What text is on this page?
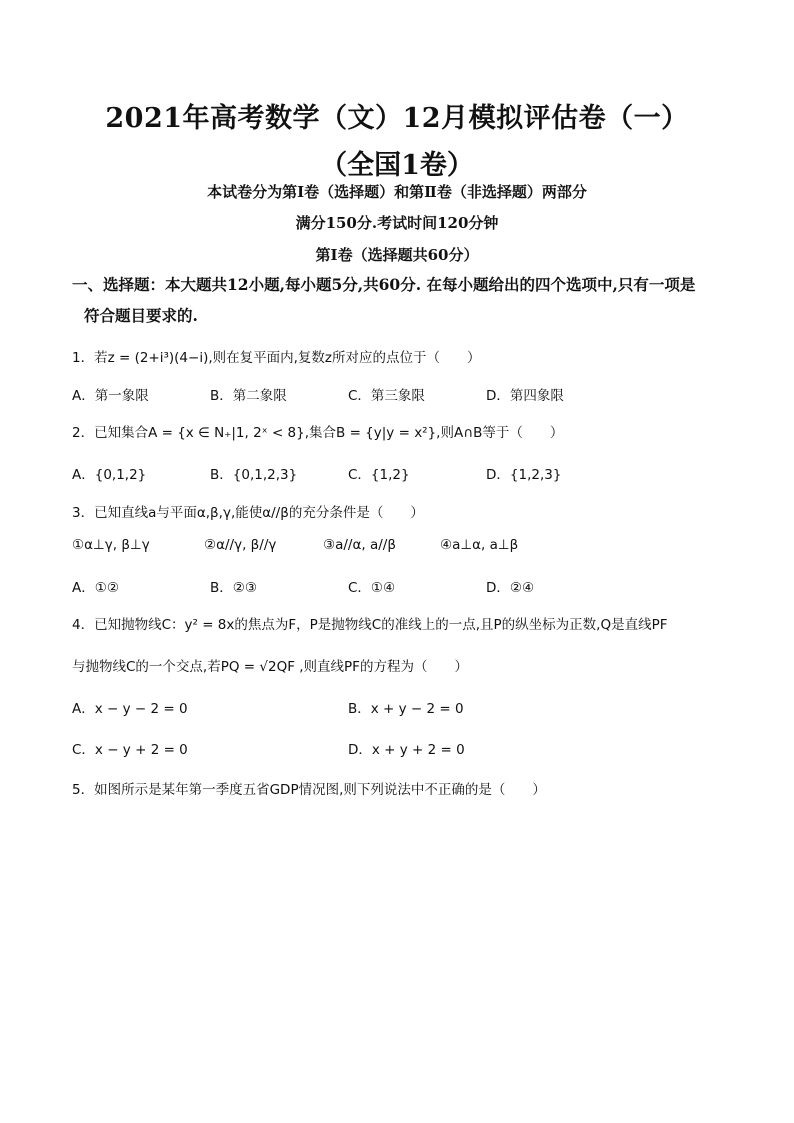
2021年高考数学（文）12月模拟评估卷（一）
（全国1卷）
本试卷分为第Ⅰ卷（选择题）和第Ⅱ卷（非选择题）两部分
满分150分.考试时间120分钟
第Ⅰ卷（选择题共60分）
一、选择题：本大题共12小题,每小题5分,共60分. 在每小题给出的四个选项中,只有一项是
符合题目要求的.
1．若z = (2+i³)(4−i),则在复平面内,复数z所对应的点位于（　　）
A．第一象限	B．第二象限	C．第三象限	D．第四象限
2．已知集合A = {x ∈ N₊|1, 2ˣ < 8},集合B = {y|y = x²},则A∩B等于（　　）
A．{0,1,2}	B．{0,1,2,3}	C．{1,2}	D．{1,2,3}
3．已知直线a与平面α,β,γ,能使α//β的充分条件是（　　）
①α⊥γ, β⊥γ	②α//γ, β//γ	③a//α, a//β	④a⊥α, a⊥β
A．①②	B．②③	C．①④	D．②④
4．已知抛物线C：y² = 8x的焦点为F，P是抛物线C的准线上的一点,且P的纵坐标为正数,Q是直线PF
与抛物线C的一个交点,若PQ = √2QF ,则直线PF的方程为（　　）
A．x − y − 2 = 0	B．x + y − 2 = 0
C．x − y + 2 = 0	D．x + y + 2 = 0
5．如图所示是某年第一季度五省GDP情况图,则下列说法中不正确的是（　　）
